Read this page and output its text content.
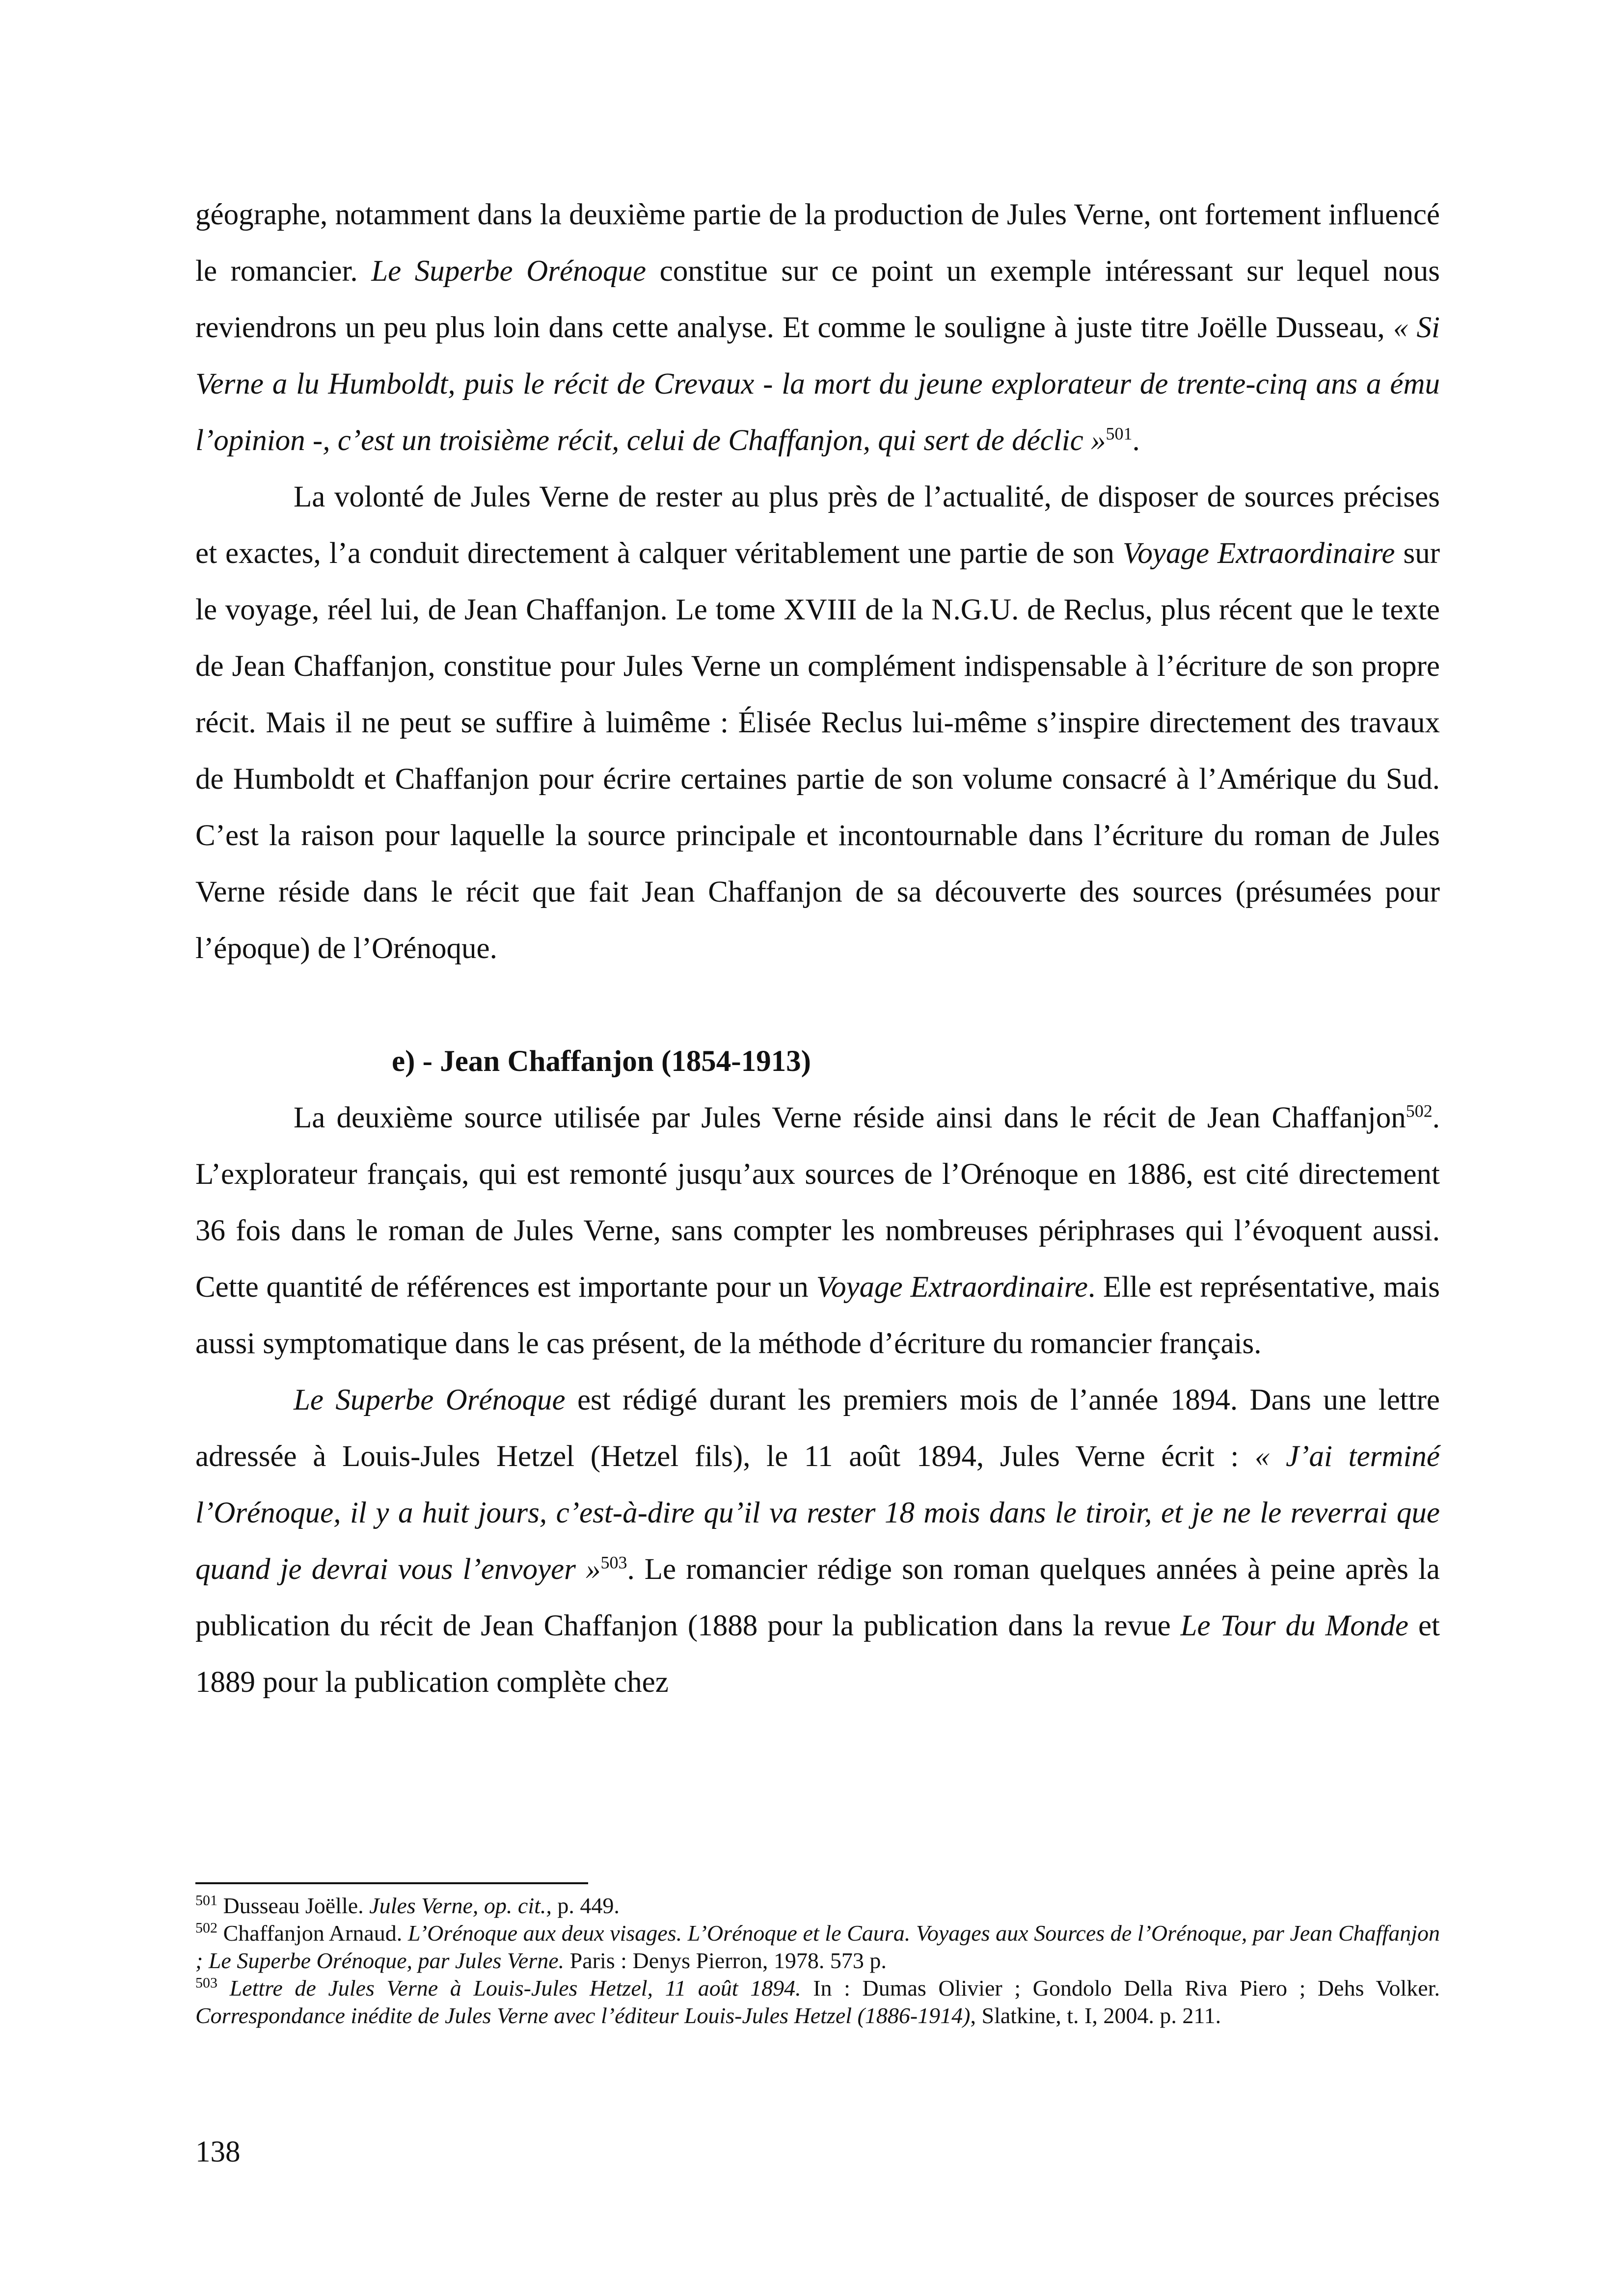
géographe, notamment dans la deuxième partie de la production de Jules Verne, ont fortement influencé le romancier. Le Superbe Orénoque constitue sur ce point un exemple intéressant sur lequel nous reviendrons un peu plus loin dans cette analyse. Et comme le souligne à juste titre Joëlle Dusseau, « Si Verne a lu Humboldt, puis le récit de Crevaux - la mort du jeune explorateur de trente-cinq ans a ému l’opinion -, c’est un troisième récit, celui de Chaffanjon, qui sert de déclic »$^{501}$.

La volonté de Jules Verne de rester au plus près de l’actualité, de disposer de sources précises et exactes, l’a conduit directement à calquer véritablement une partie de son Voyage Extraordinaire sur le voyage, réel lui, de Jean Chaffanjon. Le tome XVIII de la N.G.U. de Reclus, plus récent que le texte de Jean Chaffanjon, constitue pour Jules Verne un complément indispensable à l’écriture de son propre récit. Mais il ne peut se suffire à luimême : Élisée Reclus lui-même s’inspire directement des travaux de Humboldt et Chaffanjon pour écrire certaines partie de son volume consacré à l’Amérique du Sud. C’est la raison pour laquelle la source principale et incontournable dans l’écriture du roman de Jules Verne réside dans le récit que fait Jean Chaffanjon de sa découverte des sources (présumées pour l’époque) de l’Orénoque.

e) - Jean Chaffanjon (1854-1913)

La deuxième source utilisée par Jules Verne réside ainsi dans le récit de Jean Chaffanjon$^{502}$. L’explorateur français, qui est remonté jusqu’aux sources de l’Orénoque en 1886, est cité directement 36 fois dans le roman de Jules Verne, sans compter les nombreuses périphrases qui l’évoquent aussi. Cette quantité de références est importante pour un Voyage Extraordinaire. Elle est représentative, mais aussi symptomatique dans le cas présent, de la méthode d’écriture du romancier français.

Le Superbe Orénoque est rédigé durant les premiers mois de l’année 1894. Dans une lettre adressée à Louis-Jules Hetzel (Hetzel fils), le 11 août 1894, Jules Verne écrit : « J’ai terminé l’Orénoque, il y a huit jours, c’est-à-dire qu’il va rester 18 mois dans le tiroir, et je ne le reverrai que quand je devrai vous l’envoyer »$^{503}$. Le romancier rédige son roman quelques années à peine après la publication du récit de Jean Chaffanjon (1888 pour la publication dans la revue Le Tour du Monde et 1889 pour la publication complète chez

$^{501}$ Dusseau Joëlle. Jules Verne, op. cit., p. 449.

$^{502}$ Chaffanjon Arnaud. L’Orénoque aux deux visages. L’Orénoque et le Caura. Voyages aux Sources de l’Orénoque, par Jean Chaffanjon ; Le Superbe Orénoque, par Jules Verne. Paris : Denys Pierron, 1978. 573 p.

$^{503}$ Lettre de Jules Verne à Louis-Jules Hetzel, 11 août 1894. In : Dumas Olivier ; Gondolo Della Riva Piero ; Dehs Volker. Correspondance inédite de Jules Verne avec l’éditeur Louis-Jules Hetzel (1886-1914), Slatkine, t. I, 2004. p. 211.

138
